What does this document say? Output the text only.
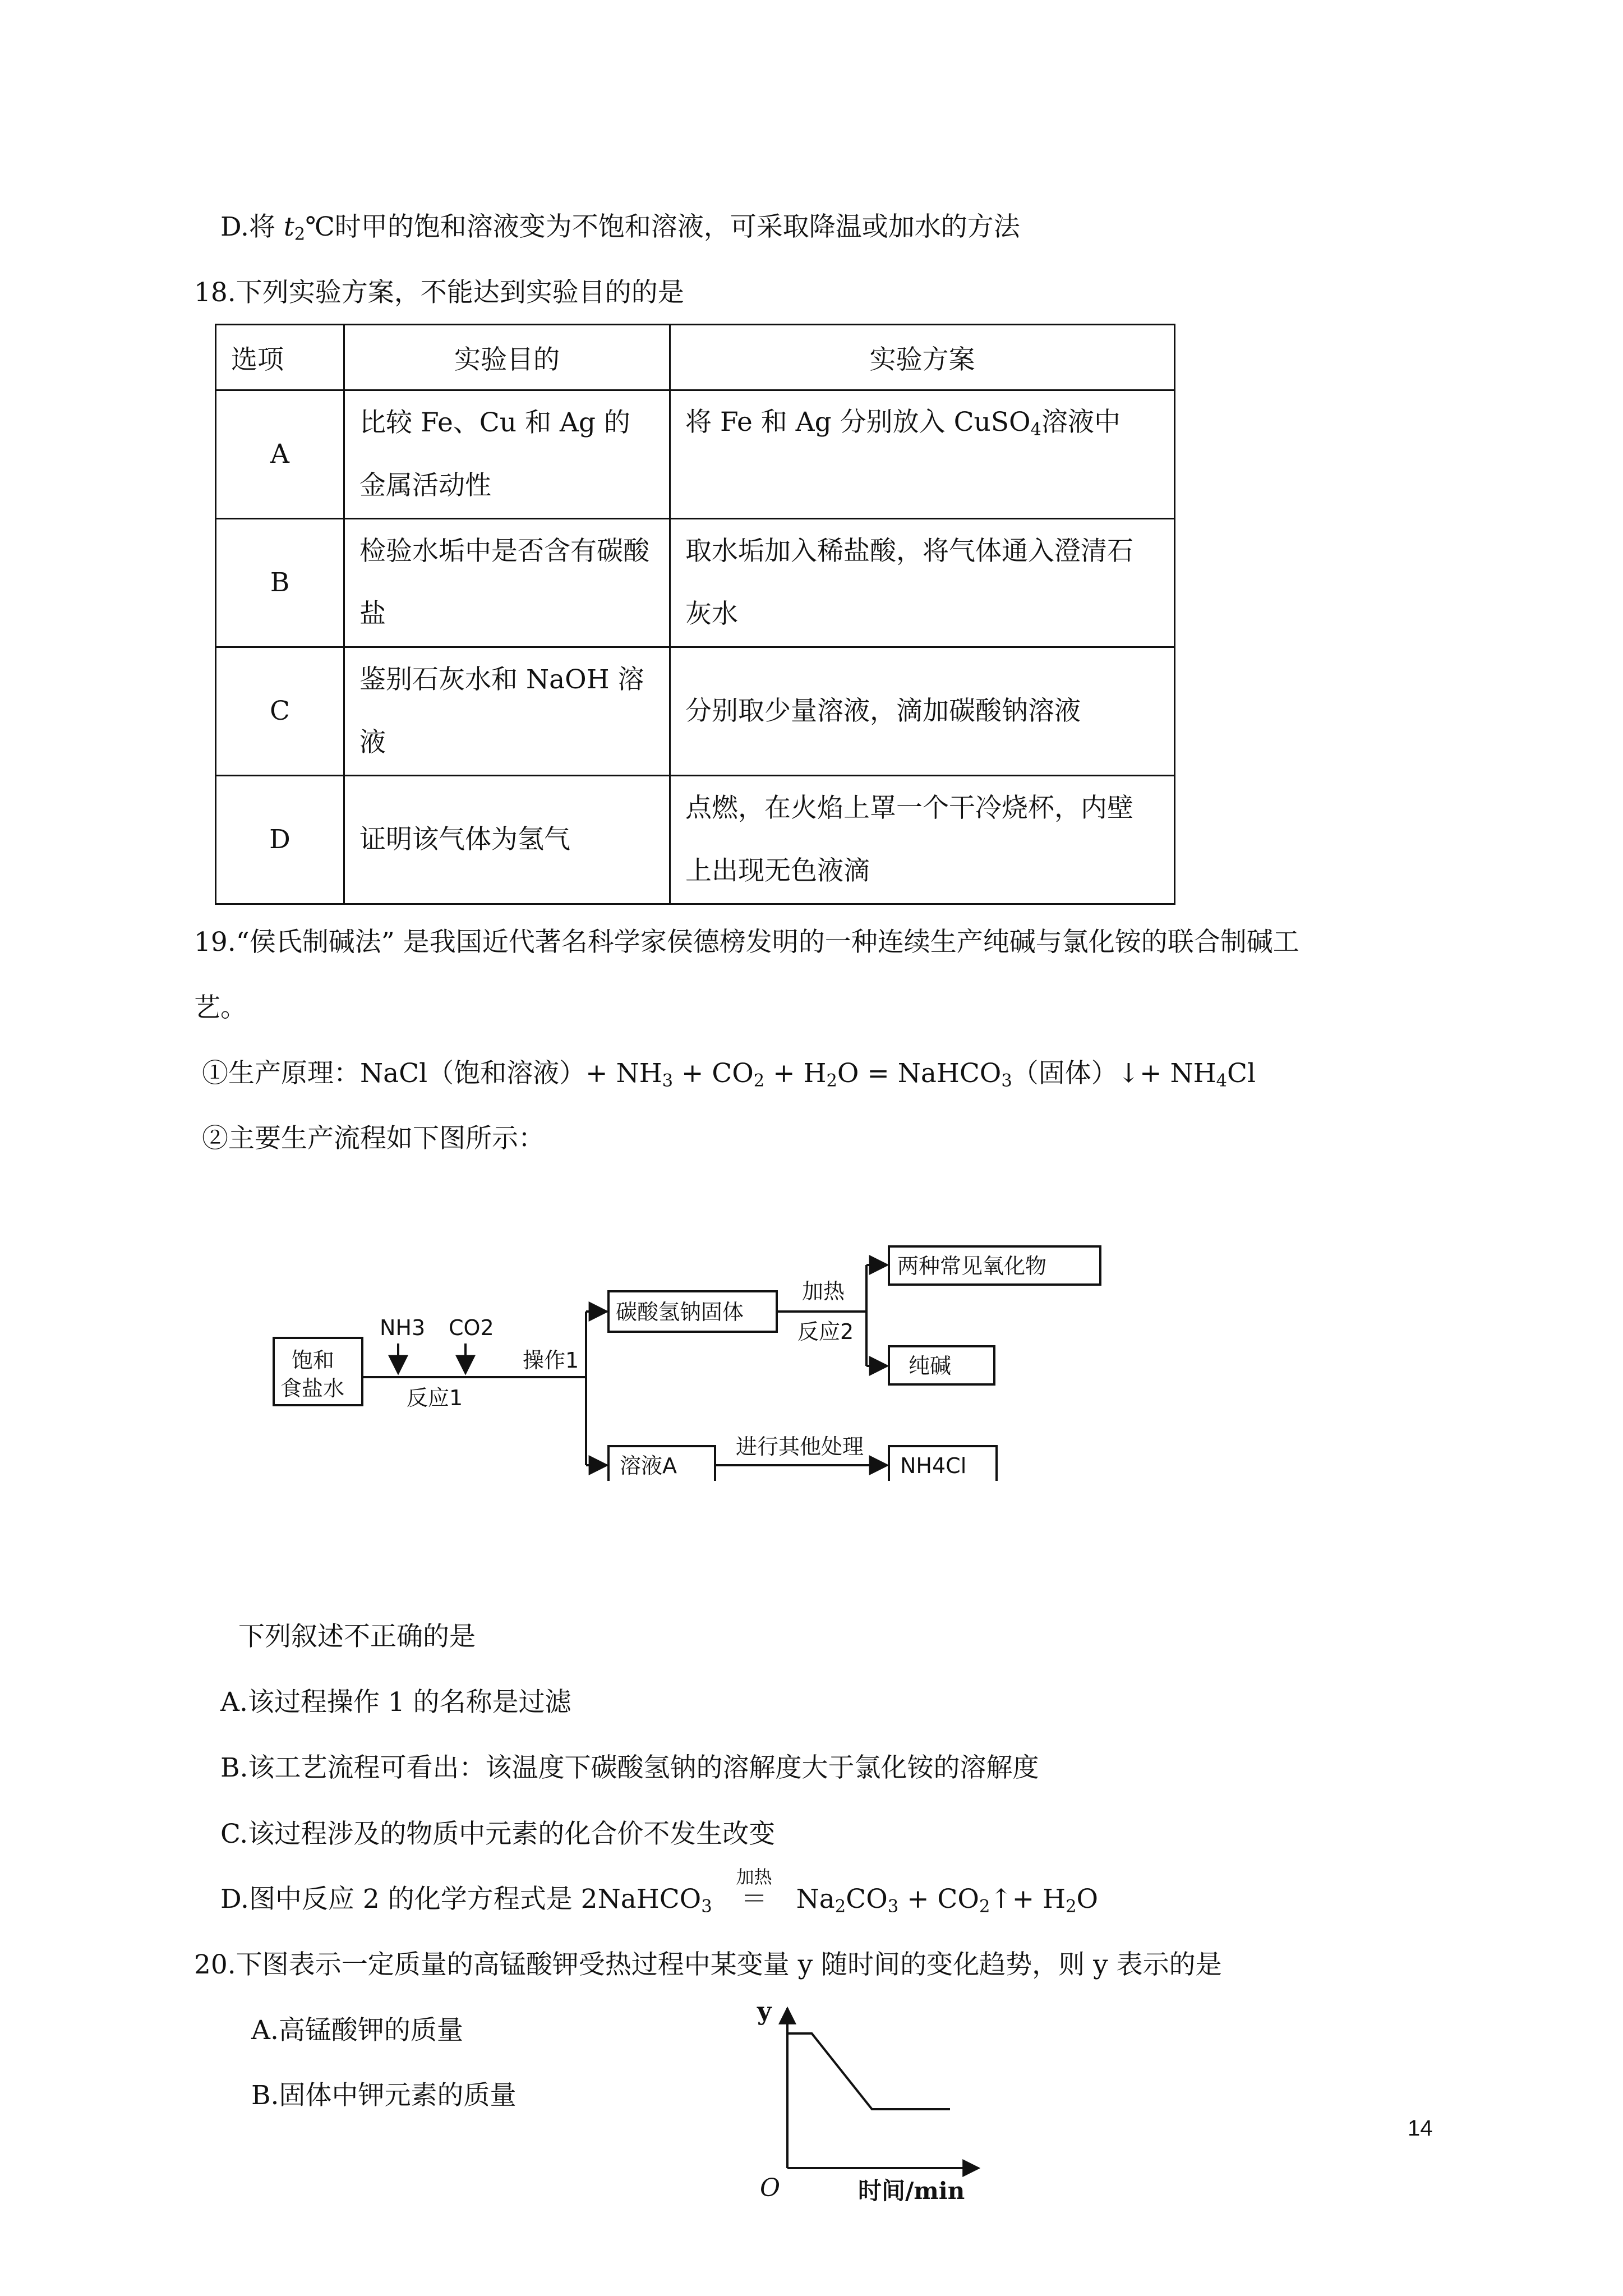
D.将 $t_2℃$时甲的饱和溶液变为不饱和溶液，可采取降温或加水的方法
18.下列实验方案，不能达到实验目的的是
选项	实验目的	实验方案
A	比较 Fe、Cu 和 Ag 的金属活动性	将 Fe 和 Ag 分别放入 CuSO$_4$溶液中
B	检验水垢中是否含有碳酸盐	取水垢加入稀盐酸，将气体通入澄清石灰水
C	鉴别石灰水和 NaOH 溶液	分别取少量溶液，滴加碳酸钠溶液
D	证明该气体为氢气	点燃，在火焰上罩一个干冷烧杯，内壁上出现无色液滴
19.“侯氏制碱法” 是我国近代著名科学家侯德榜发明的一种连续生产纯碱与氯化铵的联合制碱工
艺。
①生产原理：NaCl（饱和溶液）+ $NH_3 + CO_2 + H_2O$ = NaHCO$_3$（固体）↓+ $NH_4Cl$
②主要生产流程如下图所示：
饱和
食盐水
NH3 CO2
反应1
操作1
碳酸氢钠固体
加热
反应2
两种常见氧化物
纯碱
溶液A
进行其他处理
NH4Cl
下列叙述不正确的是
A.该过程操作 1 的名称是过滤
B.该工艺流程可看出：该温度下碳酸氢钠的溶解度大于氯化铵的溶解度
C.该过程涉及的物质中元素的化合价不发生改变
D.图中反应 2 的化学方程式是 2NaHCO$_3$
加热
＝ $Na_2CO_3$ + $CO_2↑+ H_2O$
20.下图表示一定质量的高锰酸钾受热过程中某变量 y 随时间的变化趋势，则 y 表示的是
A.高锰酸钾的质量
B.固体中钾元素的质量
y
O	时间/min
14
